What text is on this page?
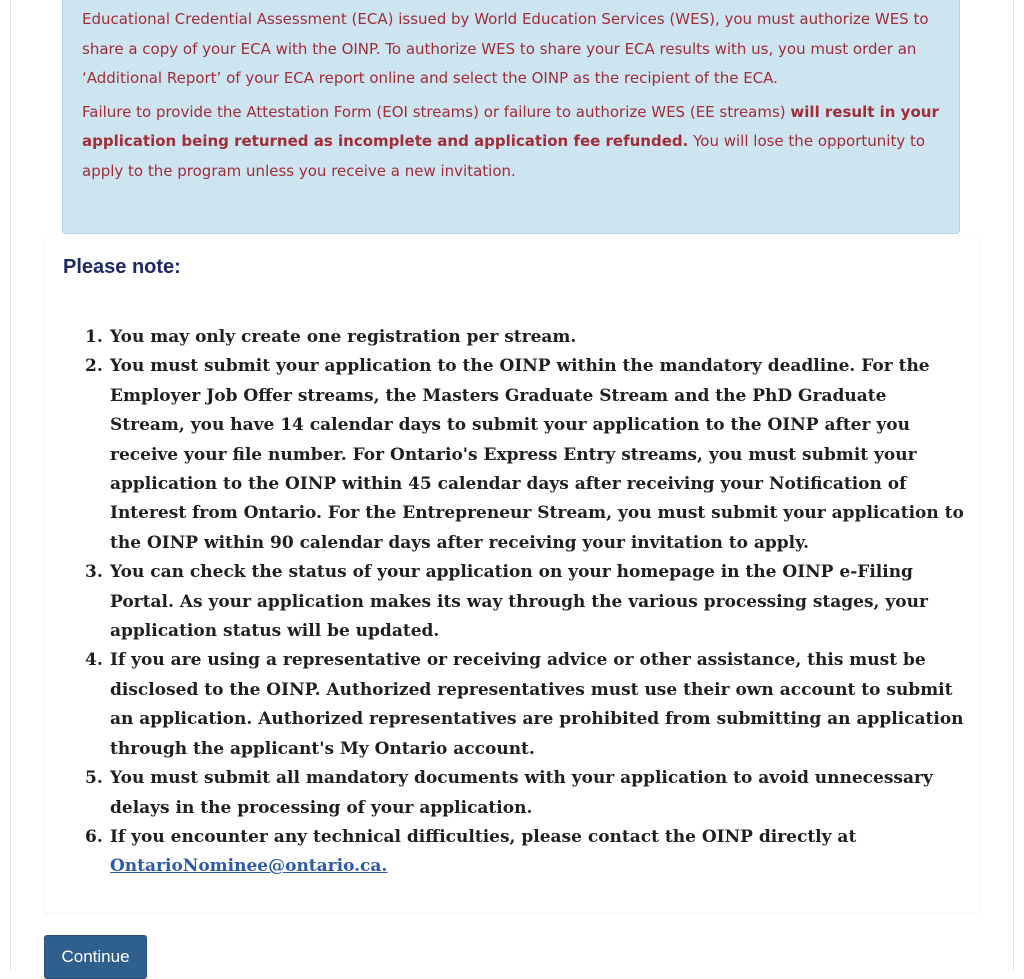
Educational Credential Assessment (ECA) issued by World Education Services (WES), you must authorize WES to share a copy of your ECA with the OINP. To authorize WES to share your ECA results with us, you must order an ‘Additional Report’ of your ECA report online and select the OINP as the recipient of the ECA.

Failure to provide the Attestation Form (EOI streams) or failure to authorize WES (EE streams) will result in your application being returned as incomplete and application fee refunded. You will lose the opportunity to apply to the program unless you receive a new invitation.

Please note:
1. You may only create one registration per stream.
2. You must submit your application to the OINP within the mandatory deadline. For the Employer Job Offer streams, the Masters Graduate Stream and the PhD Graduate Stream, you have 14 calendar days to submit your application to the OINP after you receive your file number. For Ontario's Express Entry streams, you must submit your application to the OINP within 45 calendar days after receiving your Notification of Interest from Ontario. For the Entrepreneur Stream, you must submit your application to the OINP within 90 calendar days after receiving your invitation to apply.
3. You can check the status of your application on your homepage in the OINP e-Filing Portal. As your application makes its way through the various processing stages, your application status will be updated.
4. If you are using a representative or receiving advice or other assistance, this must be disclosed to the OINP. Authorized representatives must use their own account to submit an application. Authorized representatives are prohibited from submitting an application through the applicant's My Ontario account.
5. You must submit all mandatory documents with your application to avoid unnecessary delays in the processing of your application.
6. If you encounter any technical difficulties, please contact the OINP directly at
OntarioNominee@ontario.ca.
Continue
